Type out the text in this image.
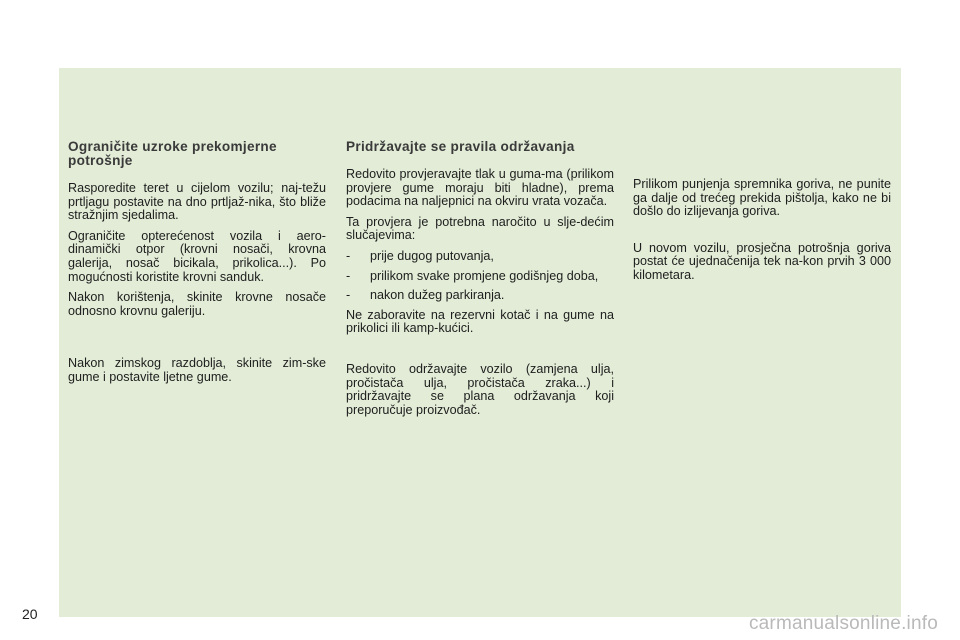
Ograničite uzroke prekomjerne potrošnje

Rasporedite teret u cijelom vozilu; naj-težu prtljagu postavite na dno prtljaž-nika, što bliže stražnjim sjedalima.

Ograničite opterećenost vozila i aero-dinamički otpor (krovni nosači, krovna galerija, nosač bicikala, prikolica...). Po mogućnosti koristite krovni sanduk.

Nakon korištenja, skinite krovne nosače odnosno krovnu galeriju.

Nakon zimskog razdoblja, skinite zim-ske gume i postavite ljetne gume.

Pridržavajte se pravila održavanja

Redovito provjeravajte tlak u guma-ma (prilikom provjere gume moraju biti hladne), prema podacima na naljepnici na okviru vrata vozača.

Ta provjera je potrebna naročito u slje-dećim slučajevima:

-	prije dugog putovanja,
-	prilikom svake promjene godišnjeg doba,
-	nakon dužeg parkiranja.

Ne zaboravite na rezervni kotač i na gume na prikolici ili kamp-kućici.

Redovito održavajte vozilo (zamjena ulja, pročistača ulja, pročistača zraka...) i pridržavajte se plana održavanja koji preporučuje proizvođač.

Prilikom punjenja spremnika goriva, ne punite ga dalje od trećeg prekida pištolja, kako ne bi došlo do izlijevanja goriva.

U novom vozilu, prosječna potrošnja goriva postat će ujednačenija tek na-kon prvih 3 000 kilometara.

20	carmanualsonline.info
